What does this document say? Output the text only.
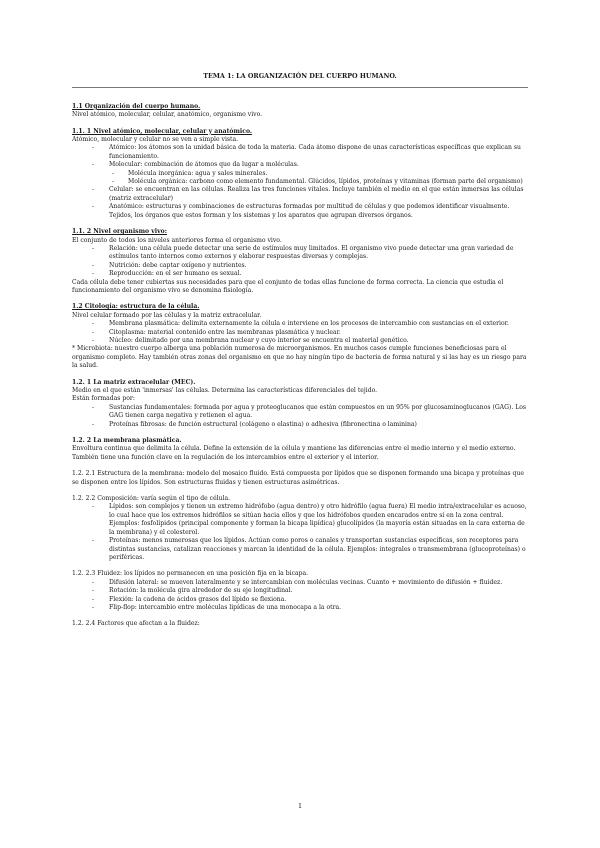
TEMA 1: LA ORGANIZACIÓN DEL CUERPO HUMANO.
1.1 Organización del cuerpo humano.

Nivel atómico, molecular, celular, anatómico, organismo vivo.

1.1. 1 Nivel atómico, molecular, celular y anatómico.

Atómico, molecular y celular no se ven a simple vista.

- Atómico: los átomos son la unidad básica de toda la materia. Cada átomo dispone de unas características específicas que explican su funcionamiento.
- Molecular: combinación de átomos que da lugar a moléculas.
- Molécula inorgánica: agua y sales minerales.
- Molécula orgánica: carbono como elemento fundamental. Glúcidos, lípidos, proteínas y vitaminas (forman parte del organismo)
- Celular: se encuentran en las células. Realiza las tres funciones vitales. Incluye también el medio en el que están inmersas las células (matriz extracelular)
- Anatómico: estructuras y combinaciones de estructuras formadas por multitud de células y que podemos identificar visualmente. Tejidos, los órganos que estos forman y los sistemas y los aparatos que agrupan diversos órganos.
1.1. 2 Nivel organismo vivo:

El conjunto de todos los niveles anteriores forma el organismo vivo.

- Relación: una célula puede detectar una serie de estímulos muy limitados. El organismo vivo puede detectar una gran variedad de estímulos tanto internos como externos y elaborar respuestas diversas y complejas.
- Nutrición: debe captar oxígeno y nutrientes.
- Reproducción: en el ser humano es sexual.

Cada célula debe tener cubiertas sus necesidades para que el conjunto de todas ellas funcione de forma correcta. La ciencia que estudia el funcionamiento del organismo vivo se denomina fisiología.

1.2 Citología: estructura de la célula.

Nivel celular formado por las células y la matriz extracelular.

- Membrana plasmática: delimita externamente la célula e interviene en los procesos de intercambio con sustancias en el exterior.
- Citoplasma: material contenido entre las membranas plasmática y nuclear.
- Núcleo: delimitado por una membrana nuclear y cuyo interior se encuentra el material genético.

* Microbiota: nuestro cuerpo alberga una población numerosa de microorganismos. En muchos casos cumple funciones beneficiosas para el organismo completo. Hay también otras zonas del organismo en que no hay ningún tipo de bacteria de forma natural y si las hay es un riesgo para la salud.

1.2. 1 La matriz extracelular (MEC).

Medio en el que están 'inmersas' las células. Determina las características diferenciales del tejido.

Están formadas por:

- Sustancias fundamentales: formada por agua y proteoglucanos que están compuestos en un 95% por glucosaminoglucanos (GAG). Los GAG tienen carga negativa y retienen el agua.
- Proteínas fibrosas: de función estructural (colágeno o elastina) o adhesiva (fibronectina o laminina)
1.2. 2 La membrana plasmática.

Envoltura continua que delimita la célula. Define la extensión de la célula y mantiene las diferencias entre el medio interno y el medio externo. También tiene una función clave en la regulación de los intercambios entre el exterior y el interior.

1.2. 2.1 Estructura de la membrana: modelo del mosaico fluido. Está compuesta por lípidos que se disponen formando una bicapa y proteínas que se disponen entre los lípidos. Son estructuras fluidas y tienen estructuras asimétricas.

1.2. 2.2 Composición: varía según el tipo de célula.

- Lípidos: son complejos y tienen un extremo hidrófobo (agua dentro) y otro hidrófilo (agua fuera) El medio intra/extracelular es acuoso, lo cual hace que los extremos hidrófilos se sitúan hacia ellos y que los hidrófobos queden encarados entre sí en la zona central. Ejemplos: fosfolípidos (principal componente y forman la bicapa lipídica) glucolípidos (la mayoría están situadas en la cara externa de la membrana) y el colesterol.
- Proteínas: menos numerosas que los lípidos. Actúan como poros o canales y transportan sustancias específicas, son receptores para distintas sustancias, catalizan reacciones y marcan la identidad de la célula. Ejemplos: integrales o transmembrana (glucoproteínas) o periféricas.

1.2. 2.3 Fluidez: los lípidos no permanecen en una posición fija en la bicapa.

- Difusión lateral: se mueven lateralmente y se intercambian con moléculas vecinas. Cuanto + movimiento de difusión + fluidez.
- Rotación: la molécula gira alrededor de su eje longitudinal.
- Flexión: la cadena de ácidos grasos del lípido se flexiona.
- Flip-flop: intercambio entre moléculas lipídicas de una monocapa a la otra.

1.2. 2.4 Factores que afectan a la fluidez:

1
